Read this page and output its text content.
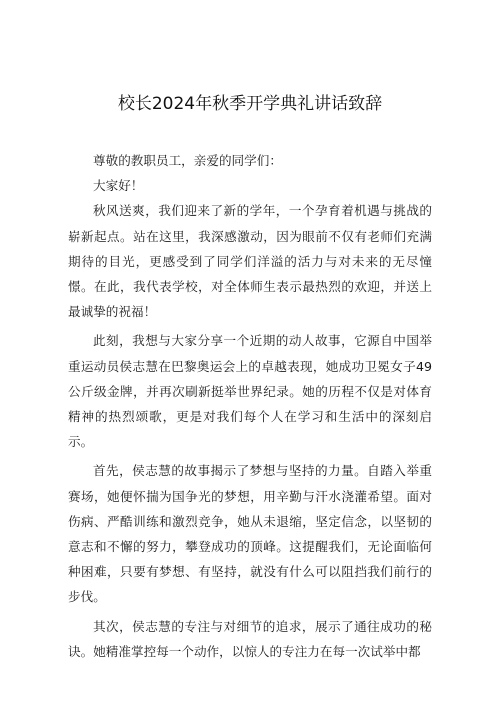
校长2024年秋季开学典礼讲话致辞

尊敬的教职员工，亲爱的同学们：

大家好！

秋风送爽，我们迎来了新的学年，一个孕育着机遇与挑战的崭新起点。站在这里，我深感激动，因为眼前不仅有老师们充满期待的目光，更感受到了同学们洋溢的活力与对未来的无尽憧憬。在此，我代表学校，对全体师生表示最热烈的欢迎，并送上最诚挚的祝福！

此刻，我想与大家分享一个近期的动人故事，它源自中国举重运动员侯志慧在巴黎奥运会上的卓越表现，她成功卫冕女子49公斤级金牌，并再次刷新挺举世界纪录。她的历程不仅是对体育精神的热烈颂歌，更是对我们每个人在学习和生活中的深刻启示。

首先，侯志慧的故事揭示了梦想与坚持的力量。自踏入举重赛场，她便怀揣为国争光的梦想，用辛勤与汗水浇灌希望。面对伤病、严酷训练和激烈竞争，她从未退缩，坚定信念，以坚韧的意志和不懈的努力，攀登成功的顶峰。这提醒我们，无论面临何种困难，只要有梦想、有坚持，就没有什么可以阻挡我们前行的步伐。

其次，侯志慧的专注与对细节的追求，展示了通往成功的秘诀。她精准掌控每一个动作，以惊人的专注力在每一次试举中都
